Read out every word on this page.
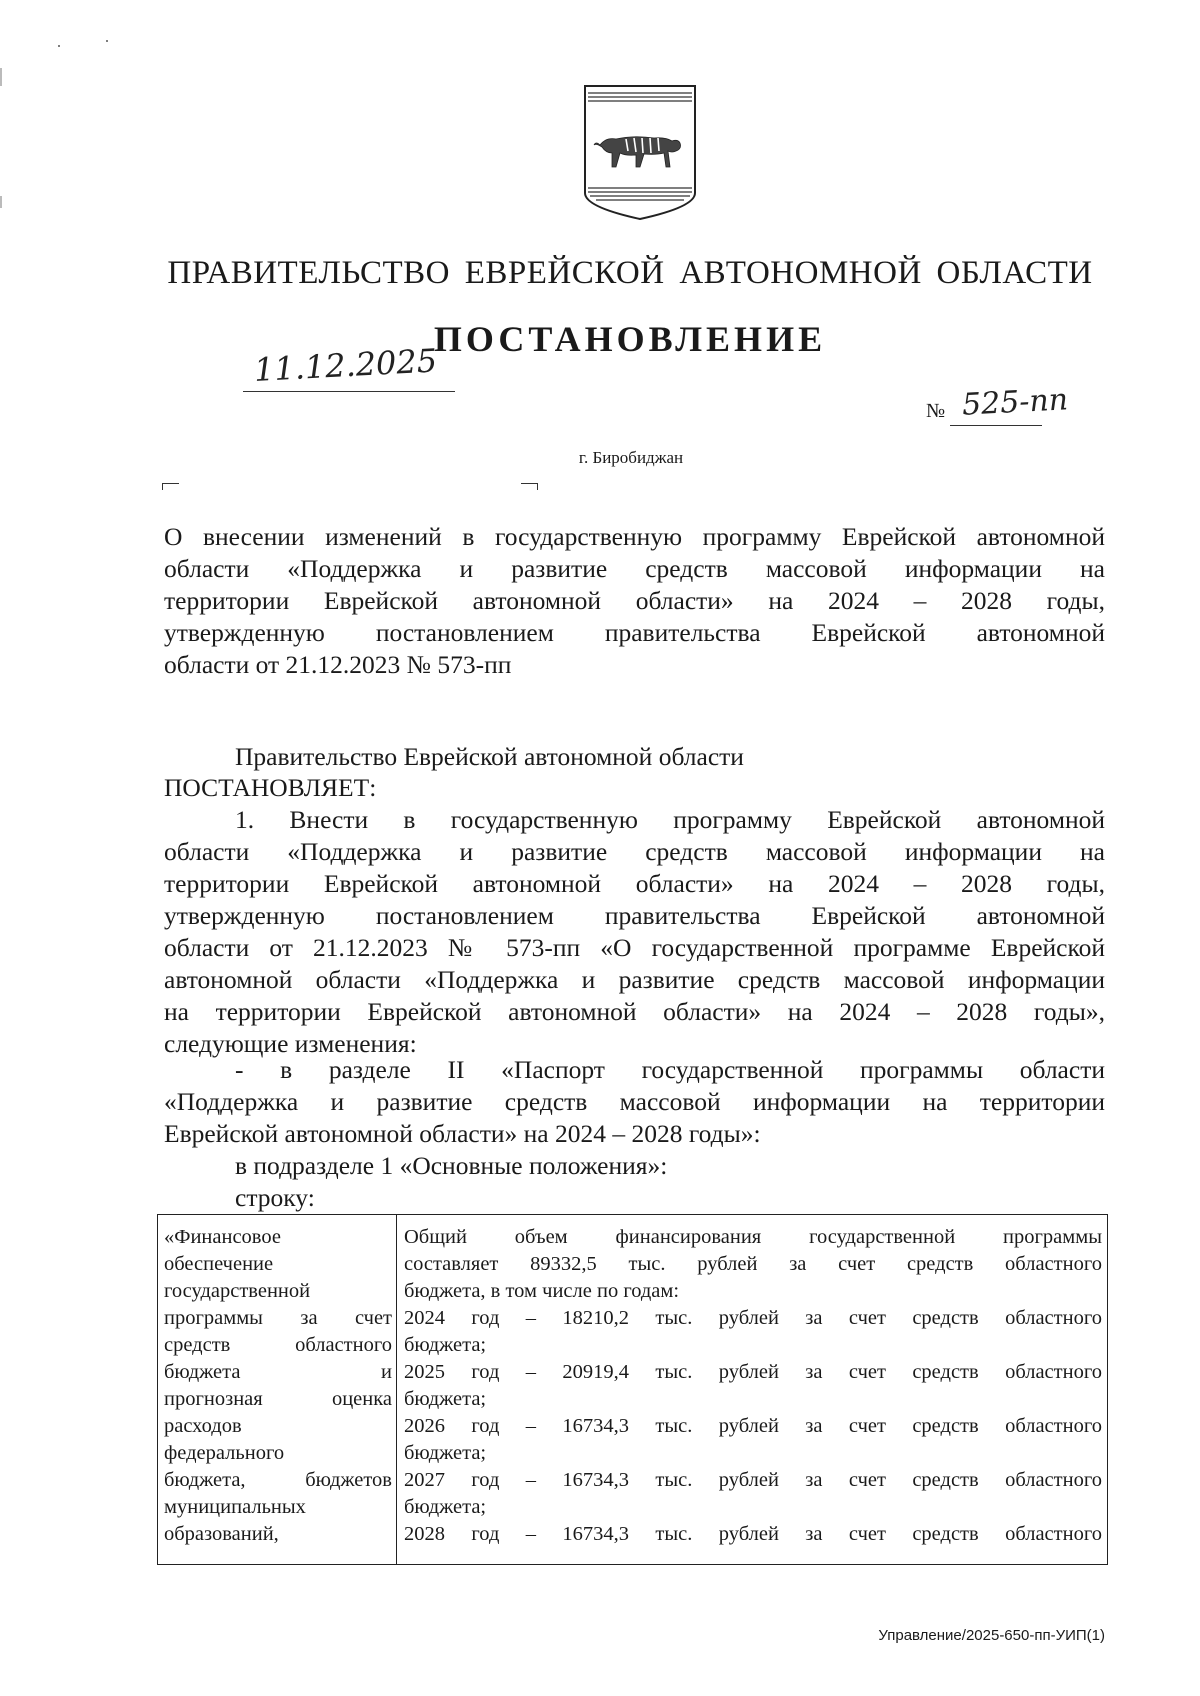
ПРАВИТЕЛЬСТВО ЕВРЕЙСКОЙ АВТОНОМНОЙ ОБЛАСТИ
ПОСТАНОВЛЕНИЕ
11.12.2025
№ 525-пп
г. Биробиджан
О внесении изменений в государственную программу Еврейской автономной
области «Поддержка и развитие средств массовой информации на
территории Еврейской автономной области» на 2024 – 2028 годы,
утвержденную постановлением правительства Еврейской автономной
области от 21.12.2023 № 573-пп
Правительство Еврейской автономной области
ПОСТАНОВЛЯЕТ:
1. Внести в государственную программу Еврейской автономной
области «Поддержка и развитие средств массовой информации на
территории Еврейской автономной области» на 2024 – 2028 годы,
утвержденную постановлением правительства Еврейской автономной
области от 21.12.2023 № 573-пп «О государственной программе Еврейской
автономной области «Поддержка и развитие средств массовой информации
на территории Еврейской автономной области» на 2024 – 2028 годы»,
следующие изменения:
- в разделе II «Паспорт государственной программы области
«Поддержка и развитие средств массовой информации на территории
Еврейской автономной области» на 2024 – 2028 годы»:
в подразделе 1 «Основные положения»:
строку:
«Финансовое
обеспечение
государственной
программы за счет
средств областного
бюджета и
прогнозная оценка
расходов
федерального
бюджета, бюджетов
муниципальных
образований,
Общий объем финансирования государственной программы
составляет 89332,5 тыс. рублей за счет средств областного
бюджета, в том числе по годам:
2024 год – 18210,2 тыс. рублей за счет средств областного
бюджета;
2025 год – 20919,4 тыс. рублей за счет средств областного
бюджета;
2026 год – 16734,3 тыс. рублей за счет средств областного
бюджета;
2027 год – 16734,3 тыс. рублей за счет средств областного
бюджета;
2028 год – 16734,3 тыс. рублей за счет средств областного
Управление/2025-650-пп-УИП(1)
